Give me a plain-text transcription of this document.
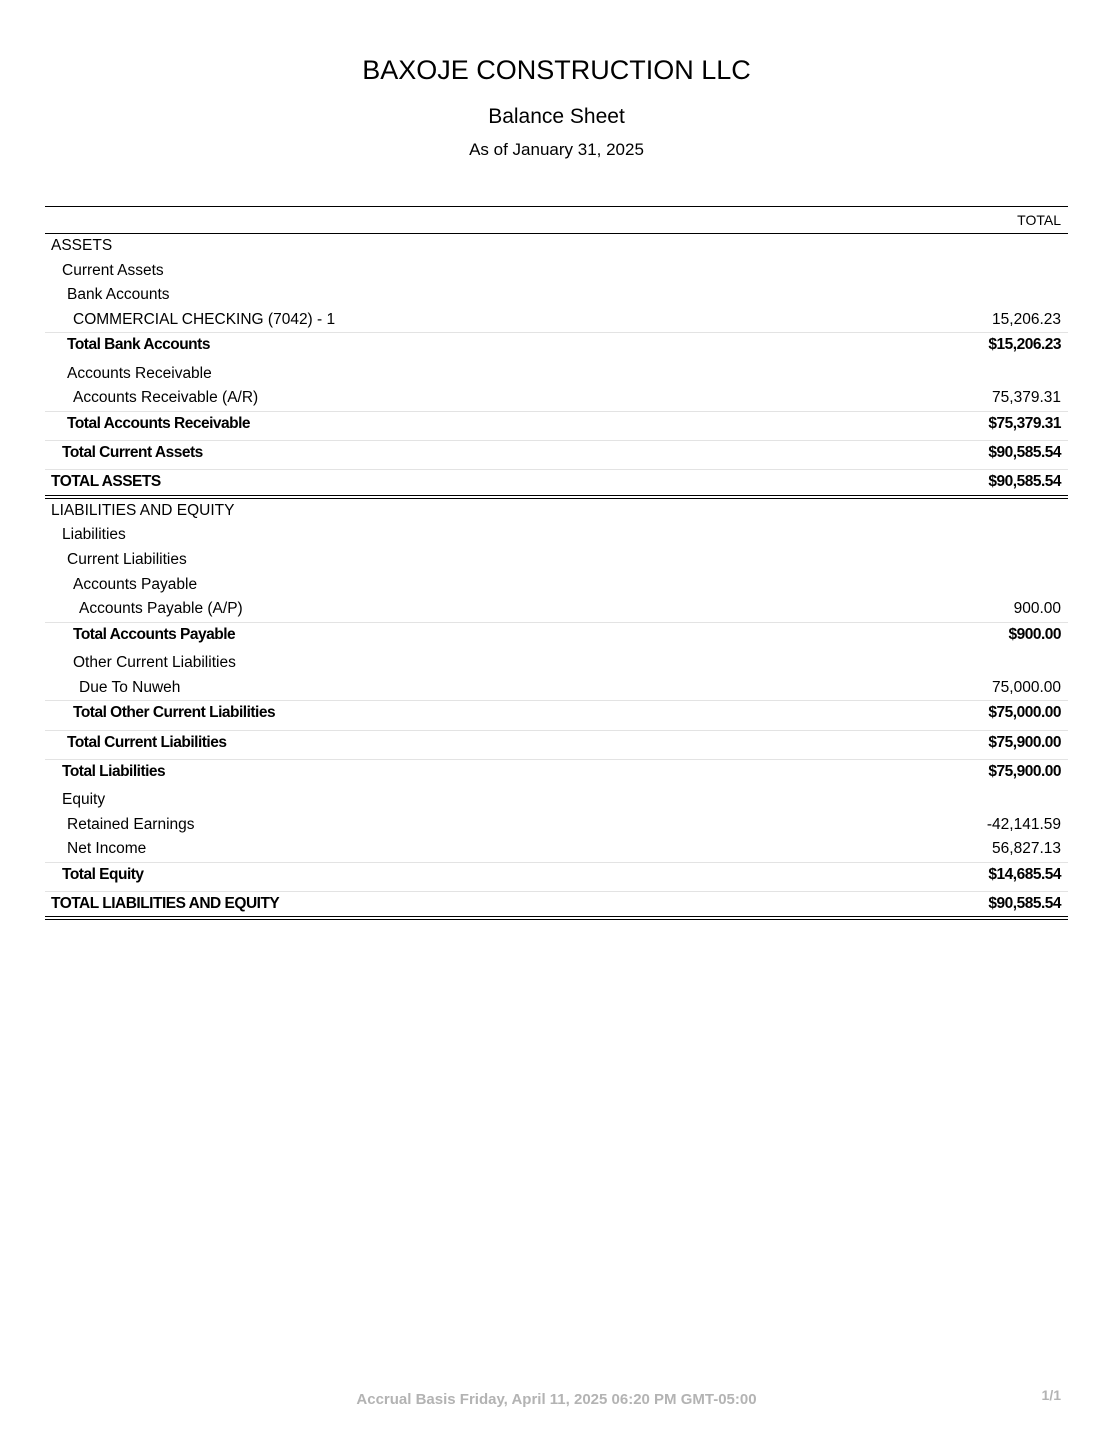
BAXOJE CONSTRUCTION LLC
Balance Sheet
As of January 31, 2025
TOTAL
ASSETS
Current Assets
Bank Accounts
COMMERCIAL CHECKING (7042) - 1	15,206.23
Total Bank Accounts	$15,206.23
Accounts Receivable
Accounts Receivable (A/R)	75,379.31
Total Accounts Receivable	$75,379.31
Total Current Assets	$90,585.54
TOTAL ASSETS	$90,585.54
LIABILITIES AND EQUITY
Liabilities
Current Liabilities
Accounts Payable
Accounts Payable (A/P)	900.00
Total Accounts Payable	$900.00
Other Current Liabilities
Due To Nuweh	75,000.00
Total Other Current Liabilities	$75,000.00
Total Current Liabilities	$75,900.00
Total Liabilities	$75,900.00
Equity
Retained Earnings	-42,141.59
Net Income	56,827.13
Total Equity	$14,685.54
TOTAL LIABILITIES AND EQUITY	$90,585.54
Accrual Basis Friday, April 11, 2025 06:20 PM GMT-05:00	1/1
